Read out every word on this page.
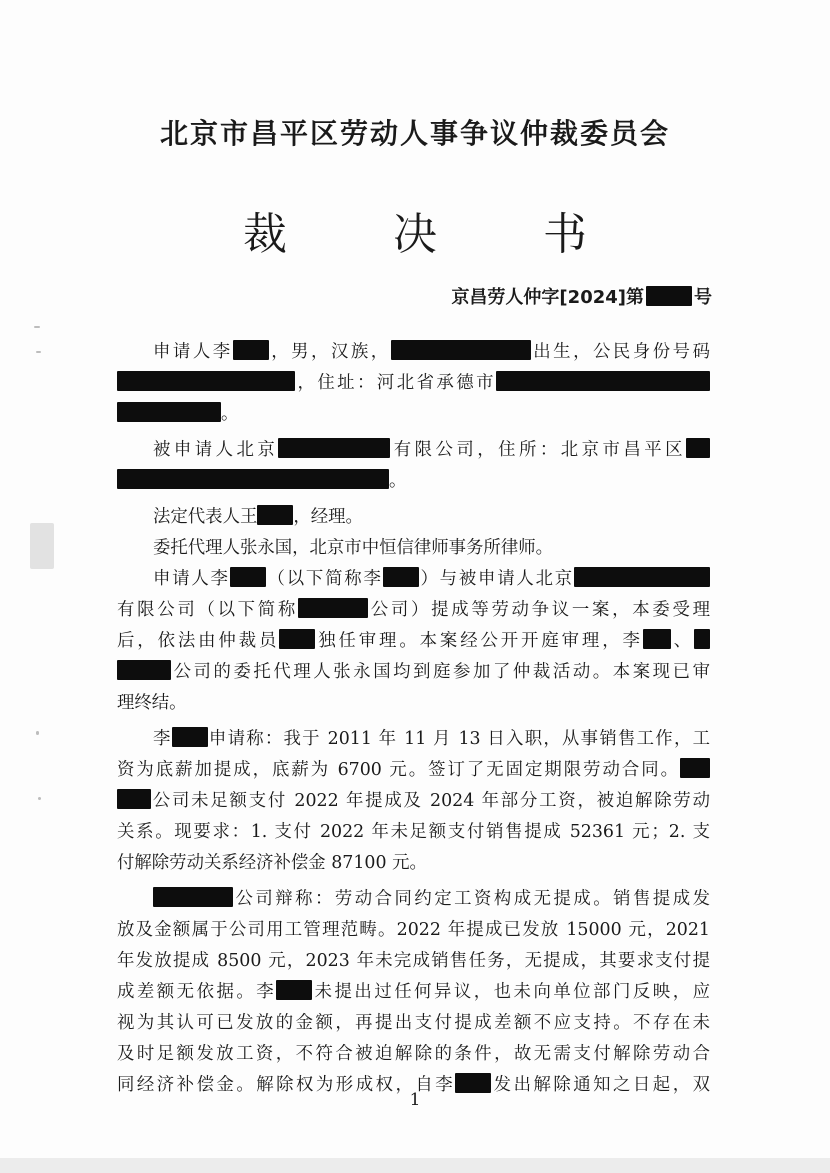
北京市昌平区劳动人事争议仲裁委员会
裁 决 书
京昌劳人仲字[2024]第	号
申请人李 ，男，汉族，	出生，公民身份号码
，住址：河北省承德市
。
被申请人北京	有限公司，住所：北京市昌平区
。
法定代表人王 ，经理。
委托代理人张永国，北京市中恒信律师事务所律师。
申请人李 （以下简称李 ）与被申请人北京
有限公司（以下简称	公司）提成等劳动争议一案，本委受理
后，依法由仲裁员 独任审理。本案经公开开庭审理，李 、
公司的委托代理人张永国均到庭参加了仲裁活动。本案现已审
理终结。
李 申请称：我于 2011 年 11 月 13 日入职，从事销售工作，工
资为底薪加提成，底薪为 6700 元。签订了无固定期限劳动合同。
公司未足额支付 2022 年提成及 2024 年部分工资，被迫解除劳动
关系。现要求：1. 支付 2022 年未足额支付销售提成 52361 元；2. 支
付解除劳动关系经济补偿金 87100 元。
公司辩称：劳动合同约定工资构成无提成。销售提成发
放及金额属于公司用工管理范畴。2022 年提成已发放 15000 元，2021
年发放提成 8500 元，2023 年未完成销售任务，无提成，其要求支付提
成差额无依据。李 未提出过任何异议，也未向单位部门反映，应
视为其认可已发放的金额，再提出支付提成差额不应支持。不存在未
及时足额发放工资，不符合被迫解除的条件，故无需支付解除劳动合
同经济补偿金。解除权为形成权，自李 发出解除通知之日起，双
1
